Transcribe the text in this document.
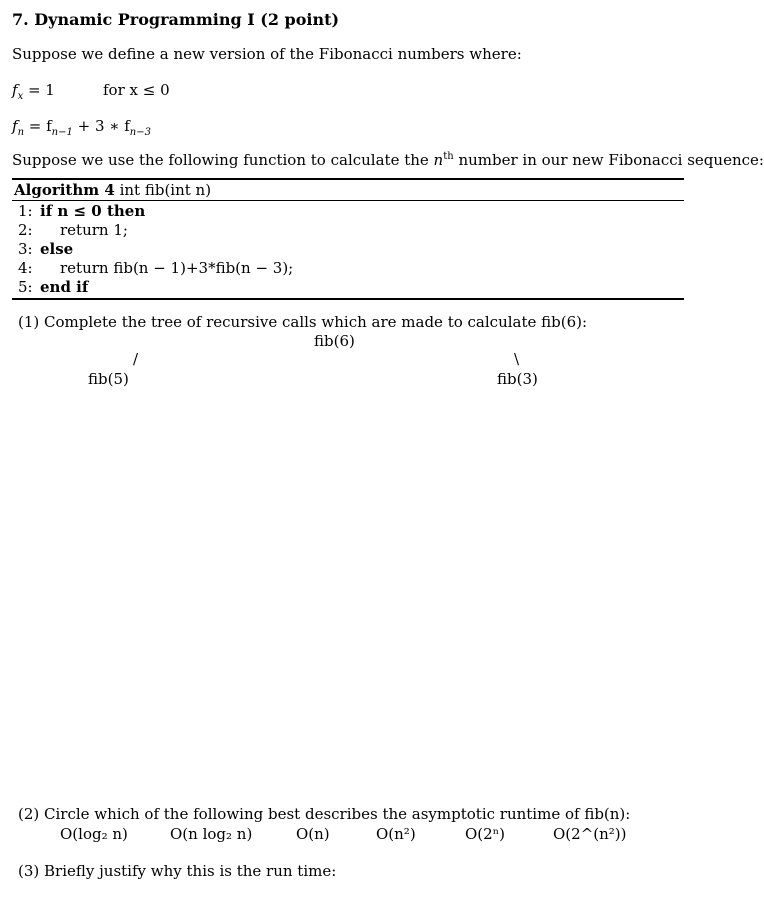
7. Dynamic Programming I (2 point)
Suppose we define a new version of the Fibonacci numbers where:
$f_x = 1$	for x ≤ 0
$f_n = f_{n-1} + 3$ ∗ $f_{n-3}$
Suppose we use the following function to calculate the $n^{th}$ number in our new Fibonacci sequence:
Algorithm 4 int fib(int n)
1: if n ≤ 0 then
2: return 1;
3: else
4: return fib(n − 1)+3*fib(n − 3);
5: end if
(1) Complete the tree of recursive calls which are made to calculate fib(6):
fib(6)
/	\
fib(5)	fib(3)
(2) Circle which of the following best describes the asymptotic runtime of fib(n):
O(log₂ n)	O(n log₂ n)	O(n)	O(n²)	O(2ⁿ)	O(2^(n²))
(3) Briefly justify why this is the run time:
